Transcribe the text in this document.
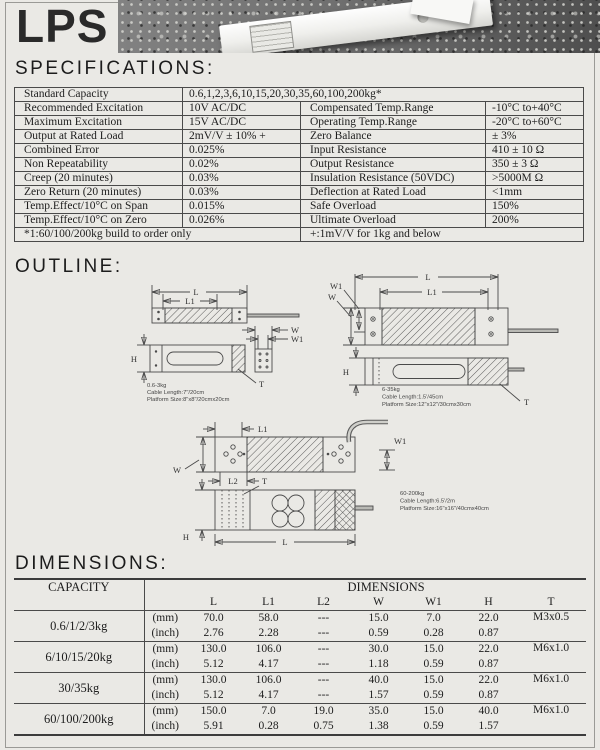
LPS
SPECIFICATIONS:
Standard Capacity	0.6,1,2,3,6,10,15,20,30,35,60,100,200kg*		
Recommended Excitation	10V AC/DC	Compensated Temp.Range	-10°C to+40°C
Maximum Excitation	15V AC/DC	Operating Temp.Range	-20°C to+60°C
Output at Rated Load	2mV/V ± 10% +	Zero Balance	± 3%
Combined Error	0.025%	Input Resistance	410 ± 10 Ω
Non Repeatability	0.02%	Output Resistance	350 ± 3 Ω
Creep (20 minutes)	0.03%	Insulation Resistance (50VDC)	>5000M Ω
Zero Return (20 minutes)	0.03%	Deflection at Rated Load	<1mm
Temp.Effect/10°C on Span	0.015%	Safe Overload	150%
Temp.Effect/10°C on Zero	0.026%	Ultimate Overload	200%
*1:60/100/200kg build to order only		+:1mV/V for 1kg and below	
OUTLINE:
L
L1
W
W1
H
T
0.6-3kg
Cable Length:7"/20cm
Platform Size:8"x8"/20cmx20cm
L
L1
W1
W
H
T
6-35kg
Cable Length:1.5'/45cm
Platform Size:12"x12"/30cmx30cm
L1
W1
W
L2	T
H	L
60-200kg
Cable Length:6.5'/2m
Platform Size:16"x16"/40cmx40cm
DIMENSIONS:
CAPACITY		DIMENSIONS						
		L	L1	L2	W	W1	H	T
0.6/1/2/3kg	(mm)	70.0	58.0	---	15.0	7.0	22.0	M3x0.5
	(inch)	2.76	2.28	---	0.59	0.28	0.87	
6/10/15/20kg	(mm)	130.0	106.0	---	30.0	15.0	22.0	M6x1.0
	(inch)	5.12	4.17	---	1.18	0.59	0.87	
30/35kg	(mm)	130.0	106.0	---	40.0	15.0	22.0	M6x1.0
	(inch)	5.12	4.17	---	1.57	0.59	0.87	
60/100/200kg	(mm)	150.0	7.0	19.0	35.0	15.0	40.0	M6x1.0
	(inch)	5.91	0.28	0.75	1.38	0.59	1.57	
